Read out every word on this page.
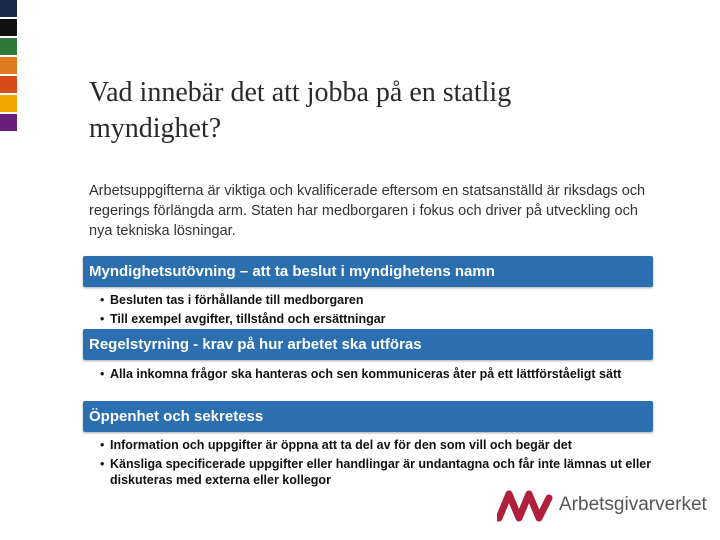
Vad innebär det att jobba på en statlig myndighet?

Arbetsuppgifterna är viktiga och kvalificerade eftersom en statsanställd är riksdags och regerings förlängda arm. Staten har medborgaren i fokus och driver på utveckling och nya tekniska lösningar.

Myndighetsutövning – att ta beslut i myndighetens namn
• Besluten tas i förhållande till medborgaren
• Till exempel avgifter, tillstånd och ersättningar
Regelstyrning - krav på hur arbetet ska utföras
• Alla inkomna frågor ska hanteras och sen kommuniceras åter på ett lättförståeligt sätt
Öppenhet och sekretess
• Information och uppgifter är öppna att ta del av för den som vill och begär det
• Känsliga specificerade uppgifter eller handlingar är undantagna och får inte lämnas ut eller diskuteras med externa eller kollegor
Arbetsgivarverket
